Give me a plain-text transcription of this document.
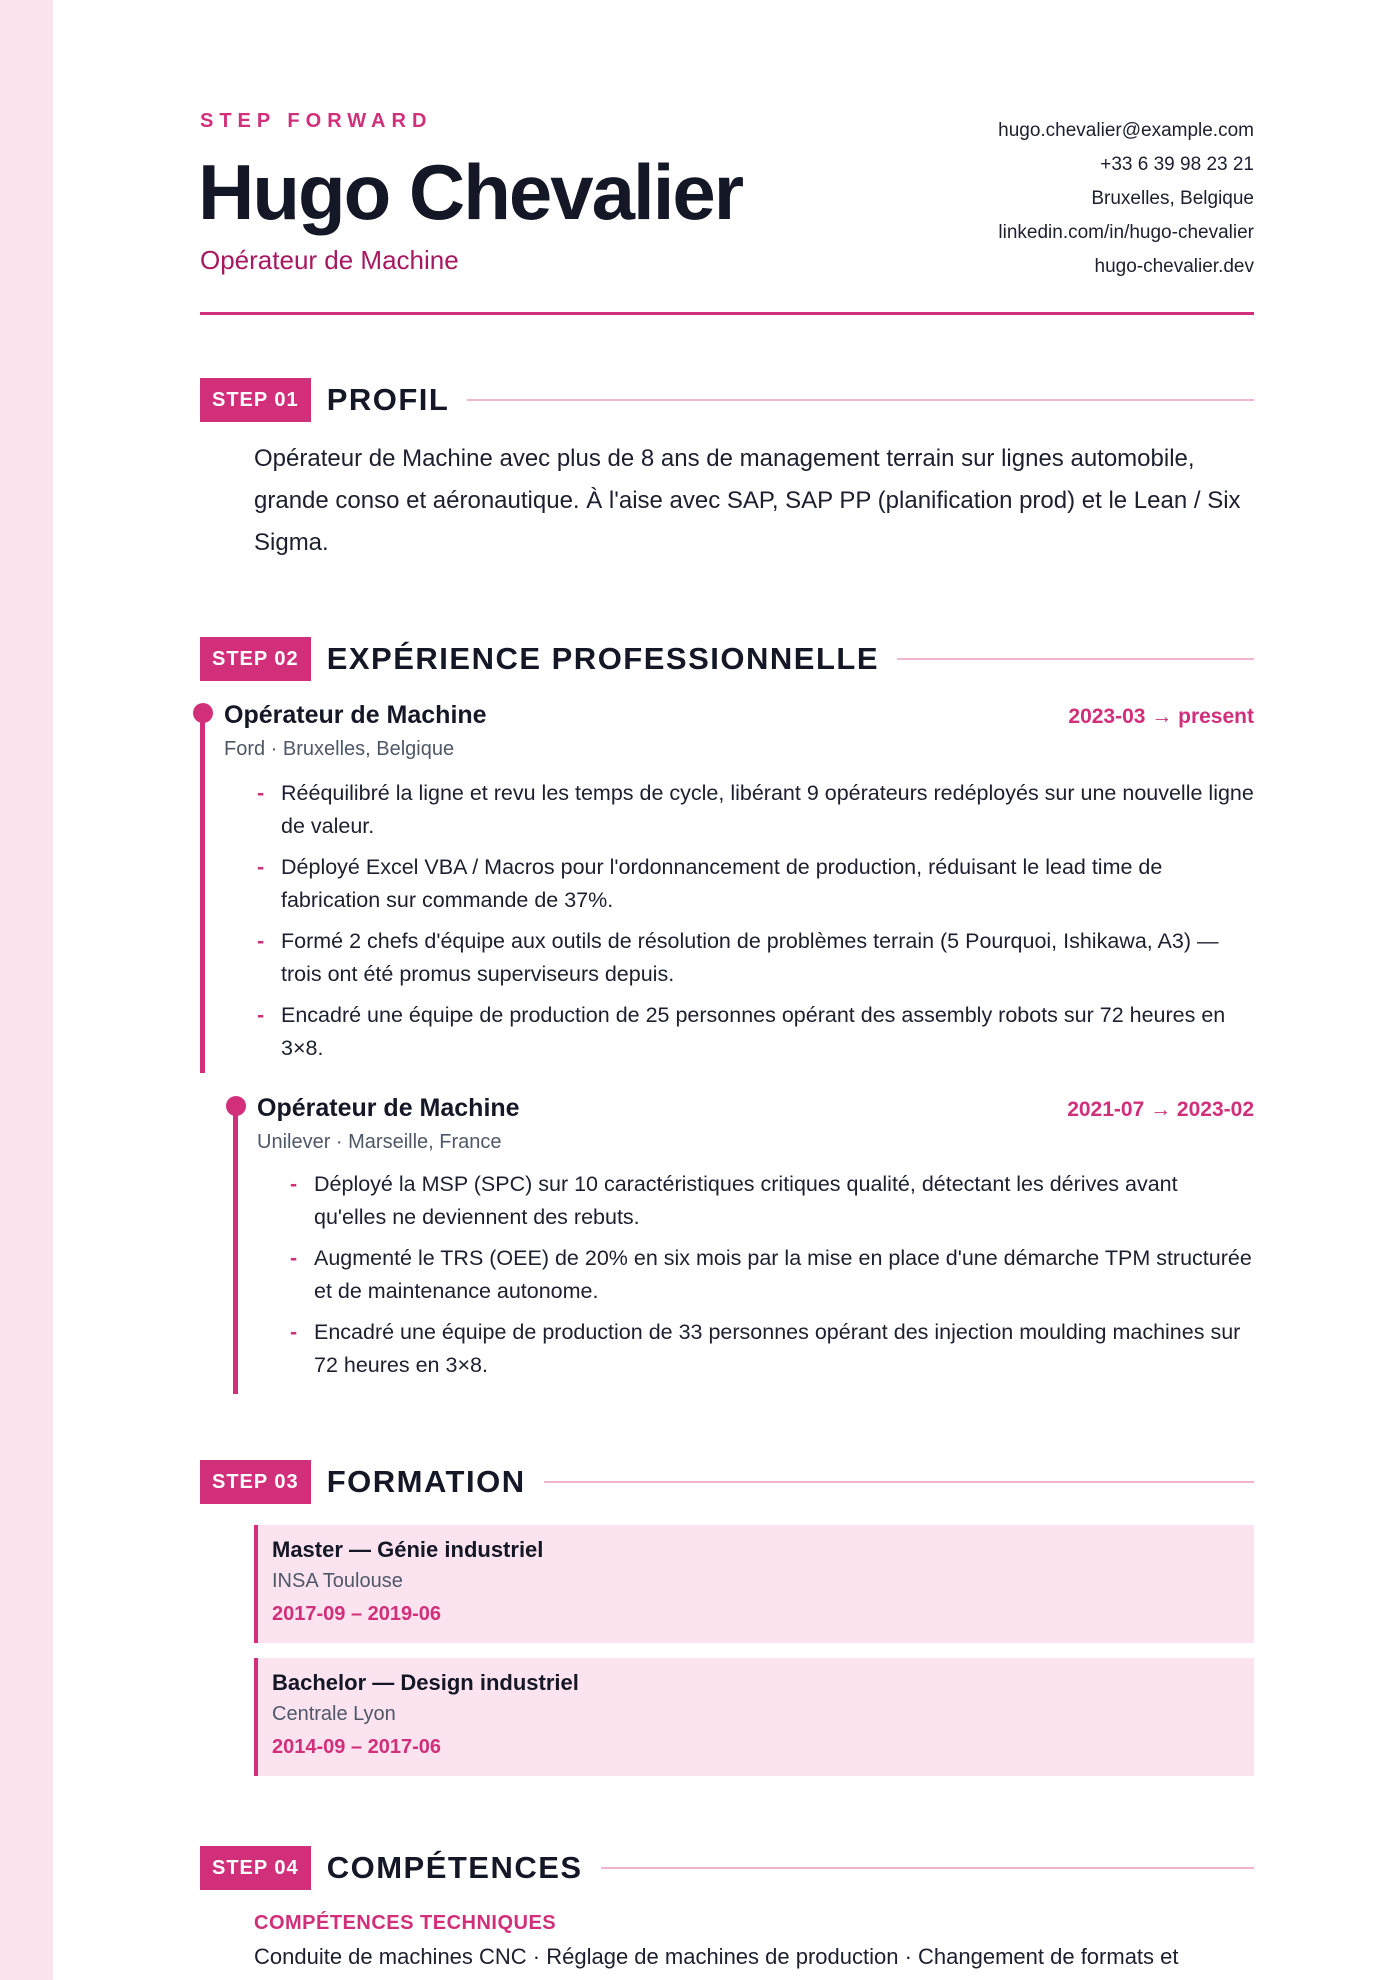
STEP FORWARD
Hugo Chevalier
Opérateur de Machine
hugo.chevalier@example.com
+33 6 39 98 23 21
Bruxelles, Belgique
linkedin.com/in/hugo-chevalier
hugo-chevalier.dev
STEP 01 PROFIL
Opérateur de Machine avec plus de 8 ans de management terrain sur lignes automobile, grande conso et aéronautique. À l'aise avec SAP, SAP PP (planification prod) et le Lean / Six Sigma.
STEP 02 EXPÉRIENCE PROFESSIONNELLE
Opérateur de Machine	2023-03 → present
Ford · Bruxelles, Belgique
- Rééquilibré la ligne et revu les temps de cycle, libérant 9 opérateurs redéployés sur une nouvelle ligne de valeur.
- Déployé Excel VBA / Macros pour l'ordonnancement de production, réduisant le lead time de fabrication sur commande de 37%.
- Formé 2 chefs d'équipe aux outils de résolution de problèmes terrain (5 Pourquoi, Ishikawa, A3) — trois ont été promus superviseurs depuis.
- Encadré une équipe de production de 25 personnes opérant des assembly robots sur 72 heures en 3×8.
Opérateur de Machine	2021-07 → 2023-02
Unilever · Marseille, France
- Déployé la MSP (SPC) sur 10 caractéristiques critiques qualité, détectant les dérives avant qu'elles ne deviennent des rebuts.
- Augmenté le TRS (OEE) de 20% en six mois par la mise en place d'une démarche TPM structurée et de maintenance autonome.
- Encadré une équipe de production de 33 personnes opérant des injection moulding machines sur 72 heures en 3×8.
STEP 03 FORMATION
Master — Génie industriel
INSA Toulouse
2017-09 – 2019-06
Bachelor — Design industriel
Centrale Lyon
2014-09 – 2017-06
STEP 04 COMPÉTENCES
COMPÉTENCES TECHNIQUES
Conduite de machines CNC · Réglage de machines de production · Changement de formats et
